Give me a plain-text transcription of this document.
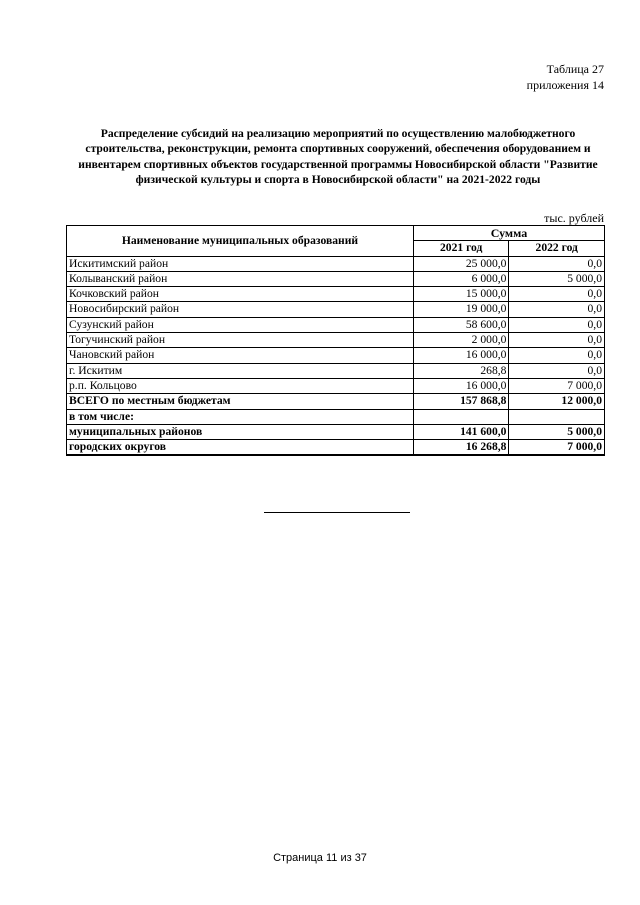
Таблица 27
приложения 14
Распределение субсидий на реализацию мероприятий по осуществлению малобюджетного строительства, реконструкции, ремонта спортивных сооружений, обеспечения оборудованием и инвентарем спортивных объектов государственной программы Новосибирской области "Развитие физической культуры и спорта в Новосибирской области" на 2021-2022 годы
тыс. рублей
Наименование муниципальных образований	Сумма	
	2021 год	2022 год
Искитимский район	25 000,0	0,0
Колыванский район	6 000,0	5 000,0
Кочковский район	15 000,0	0,0
Новосибирский район	19 000,0	0,0
Сузунский район	58 600,0	0,0
Тогучинский район	2 000,0	0,0
Чановский район	16 000,0	0,0
г. Искитим	268,8	0,0
р.п. Кольцово	16 000,0	7 000,0
ВСЕГО по местным бюджетам	157 868,8	12 000,0
в том числе:		
муниципальных районов	141 600,0	5 000,0
городских округов	16 268,8	7 000,0
Страница 11 из 37
